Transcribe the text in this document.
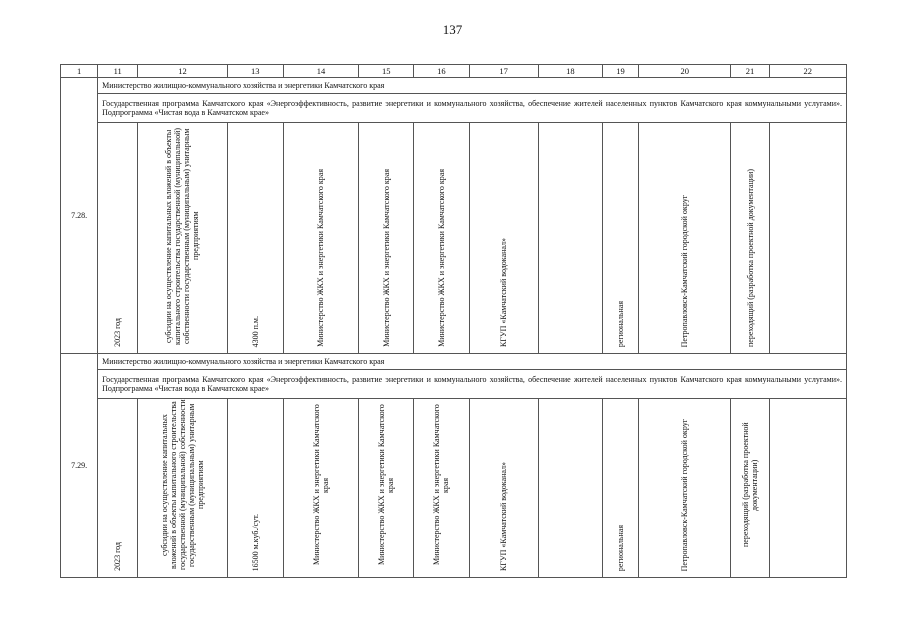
137
1	11	12	13	14	15	16	17	18	19	20	21	22
7.28.	Министерство жилищно-коммунального хозяйства и энергетики Камчатского края											
	Государственная программа Камчатского края «Энергоэффективность, развитие энергетики и коммунального хозяйства, обеспечение жителей населенных пунктов Камчатского края коммунальными услугами». Подпрограмма «Чистая вода в Камчатском крае»											

	2023 год	субсидии на осуществление капитальных вложений в объекты капитального строительства государственной (муниципальной) собственности государственным (муниципальным) унитарным предприятиям	4300 п.м.	Министерство ЖКХ и энергетики Камчатского края	Министерство ЖКХ и энергетики Камчатского края	Министерство ЖКХ и энергетики Камчатского края	КГУП «Камчатский водоканал»		региональная	Петропавловск-Камчатский городской округ	переходящий (разработка проектной документации)	

7.29.	Министерство жилищно-коммунального хозяйства и энергетики Камчатского края											
	Государственная программа Камчатского края «Энергоэффективность, развитие энергетики и коммунального хозяйства, обеспечение жителей населенных пунктов Камчатского края коммунальными услугами». Подпрограмма «Чистая вода в Камчатском крае»											

	2023 год	субсидии на осуществление капитальных вложений в объекты капитального строительства государственной (муниципальной) собственности государственным (муниципальным) унитарным предприятиям	16500 м.куб./сут.	Министерство ЖКХ и энергетики Камчатского края	Министерство ЖКХ и энергетики Камчатского края	Министерство ЖКХ и энергетики Камчатского края	КГУП «Камчатский водоканал»		региональная	Петропавловск-Камчатский городской округ	переходящий (разработка проектной документации)	
